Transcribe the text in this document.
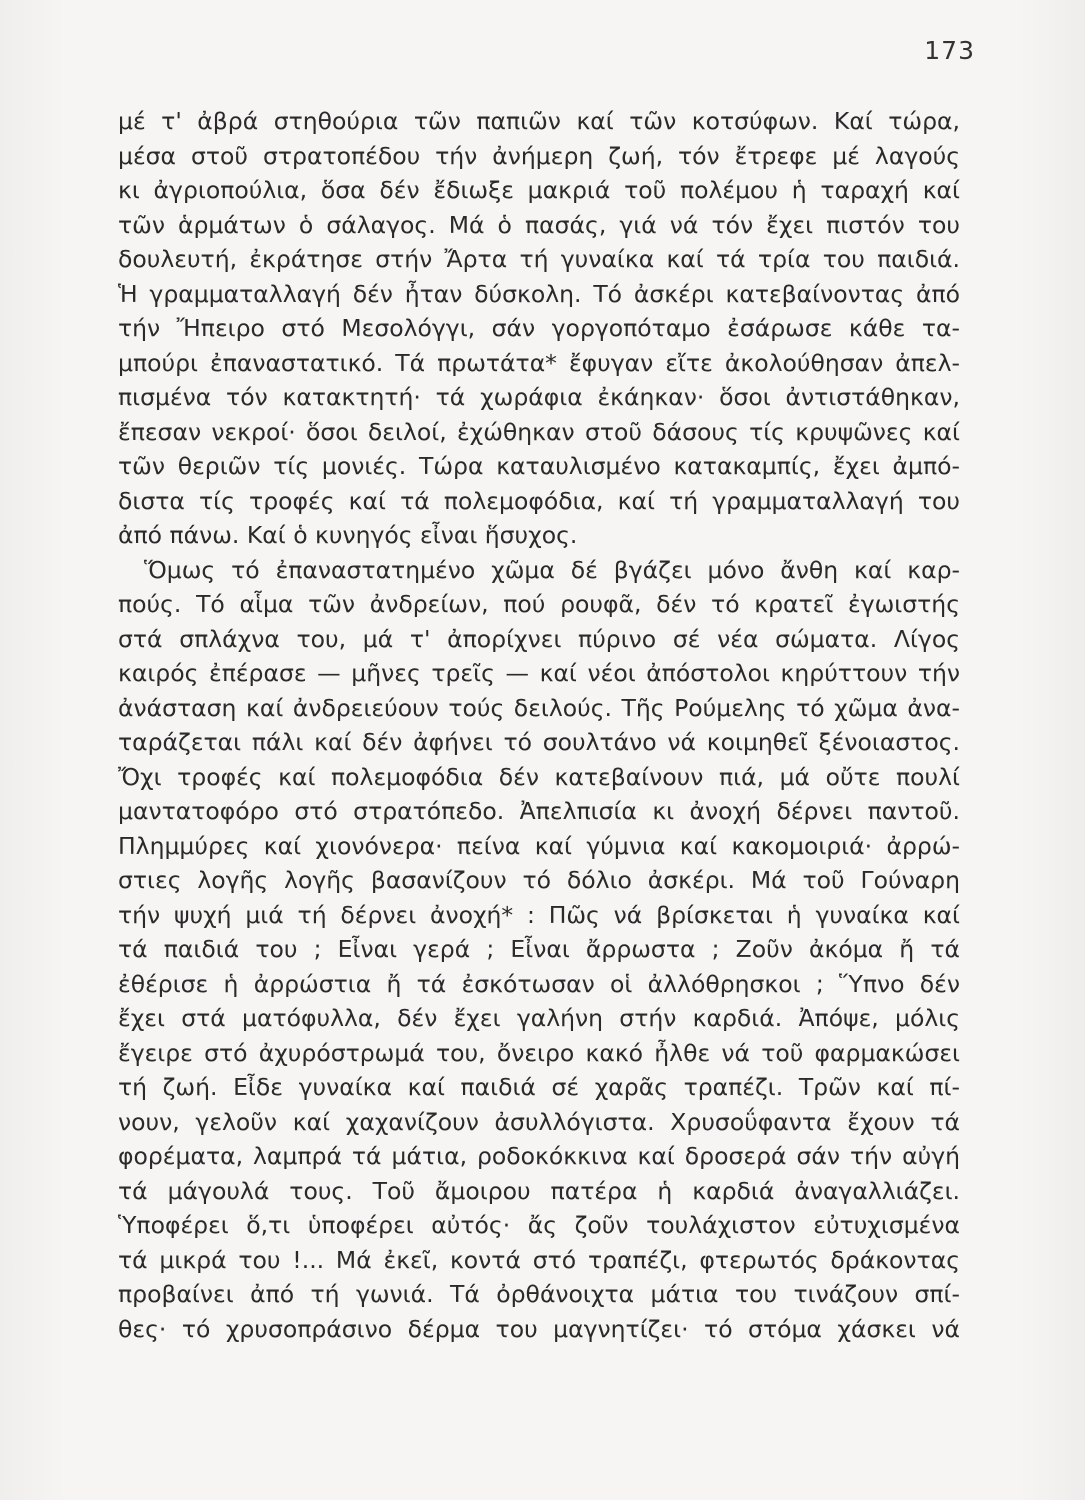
173
μέ τ' ἀβρά στηθούρια τῶν παπιῶν καί τῶν κοτσύφων. Καί τώρα,
μέσα στοῦ στρατοπέδου τήν ἀνήμερη ζωή, τόν ἔτρεφε μέ λαγούς
κι ἀγριοπούλια, ὅσα δέν ἔδιωξε μακριά τοῦ πολέμου ἡ ταραχή καί
τῶν ἁρμάτων ὁ σάλαγος. Μά ὁ πασάς, γιά νά τόν ἔχει πιστόν του
δουλευτή, ἐκράτησε στήν Ἄρτα τή γυναίκα καί τά τρία του παιδιά.
Ἡ γραμματαλλαγή δέν ἦταν δύσκολη. Τό ἀσκέρι κατεβαίνοντας ἀπό
τήν Ἤπειρο στό Μεσολόγγι, σάν γοργοπόταμο ἐσάρωσε κάθε τα-
μπούρι ἐπαναστατικό. Τά πρωτάτα* ἔφυγαν εἴτε ἀκολούθησαν ἀπελ-
πισμένα τόν κατακτητή· τά χωράφια ἐκάηκαν· ὅσοι ἀντιστάθηκαν,
ἔπεσαν νεκροί· ὅσοι δειλοί, ἐχώθηκαν στοῦ δάσους τίς κρυψῶνες καί
τῶν θεριῶν τίς μονιές. Τώρα καταυλισμένο κατακαμπίς, ἔχει ἀμπό-
διστα τίς τροφές καί τά πολεμοφόδια, καί τή γραμματαλλαγή του
ἀπό πάνω. Καί ὁ κυνηγός εἶναι ἥσυχος.
Ὅμως τό ἐπαναστατημένο χῶμα δέ βγάζει μόνο ἄνθη καί καρ-
πούς. Τό αἷμα τῶν ἀνδρείων, πού ρουφᾶ, δέν τό κρατεῖ ἐγωιστής
στά σπλάχνα του, μά τ' ἀπορίχνει πύρινο σέ νέα σώματα. Λίγος
καιρός ἐπέρασε — μῆνες τρεῖς — καί νέοι ἀπόστολοι κηρύττουν τήν
ἀνάσταση καί ἀνδρειεύουν τούς δειλούς. Τῆς Ρούμελης τό χῶμα ἀνα-
ταράζεται πάλι καί δέν ἀφήνει τό σουλτάνο νά κοιμηθεῖ ξένοιαστος.
Ὄχι τροφές καί πολεμοφόδια δέν κατεβαίνουν πιά, μά οὔτε πουλί
μαντατοφόρο στό στρατόπεδο. Ἀπελπισία κι ἀνοχή δέρνει παντοῦ.
Πλημμύρες καί χιονόνερα· πείνα καί γύμνια καί κακομοιριά· ἀρρώ-
στιες λογῆς λογῆς βασανίζουν τό δόλιο ἀσκέρι. Μά τοῦ Γούναρη
τήν ψυχή μιά τή δέρνει ἀνοχή* : Πῶς νά βρίσκεται ἡ γυναίκα καί
τά παιδιά του ; Εἶναι γερά ; Εἶναι ἄρρωστα ; Ζοῦν ἀκόμα ἤ τά
ἐθέρισε ἡ ἀρρώστια ἤ τά ἐσκότωσαν οἱ ἀλλόθρησκοι ; Ὕπνο δέν
ἔχει στά ματόφυλλα, δέν ἔχει γαλήνη στήν καρδιά. Ἀπόψε, μόλις
ἔγειρε στό ἀχυρόστρωμά του, ὄνειρο κακό ἦλθε νά τοῦ φαρμακώσει
τή ζωή. Εἶδε γυναίκα καί παιδιά σέ χαρᾶς τραπέζι. Τρῶν καί πί-
νουν, γελοῦν καί χαχανίζουν ἀσυλλόγιστα. Χρυσοΰφαντα ἔχουν τά
φορέματα, λαμπρά τά μάτια, ροδοκόκκινα καί δροσερά σάν τήν αὐγή
τά μάγουλά τους. Τοῦ ἄμοιρου πατέρα ἡ καρδιά ἀναγαλλιάζει.
Ὑποφέρει ὅ,τι ὑποφέρει αὐτός· ἄς ζοῦν τουλάχιστον εὐτυχισμένα
τά μικρά του !... Μά ἐκεῖ, κοντά στό τραπέζι, φτερωτός δράκοντας
προβαίνει ἀπό τή γωνιά. Τά ὀρθάνοιχτα μάτια του τινάζουν σπί-
θες· τό χρυσοπράσινο δέρμα του μαγνητίζει· τό στόμα χάσκει νά
